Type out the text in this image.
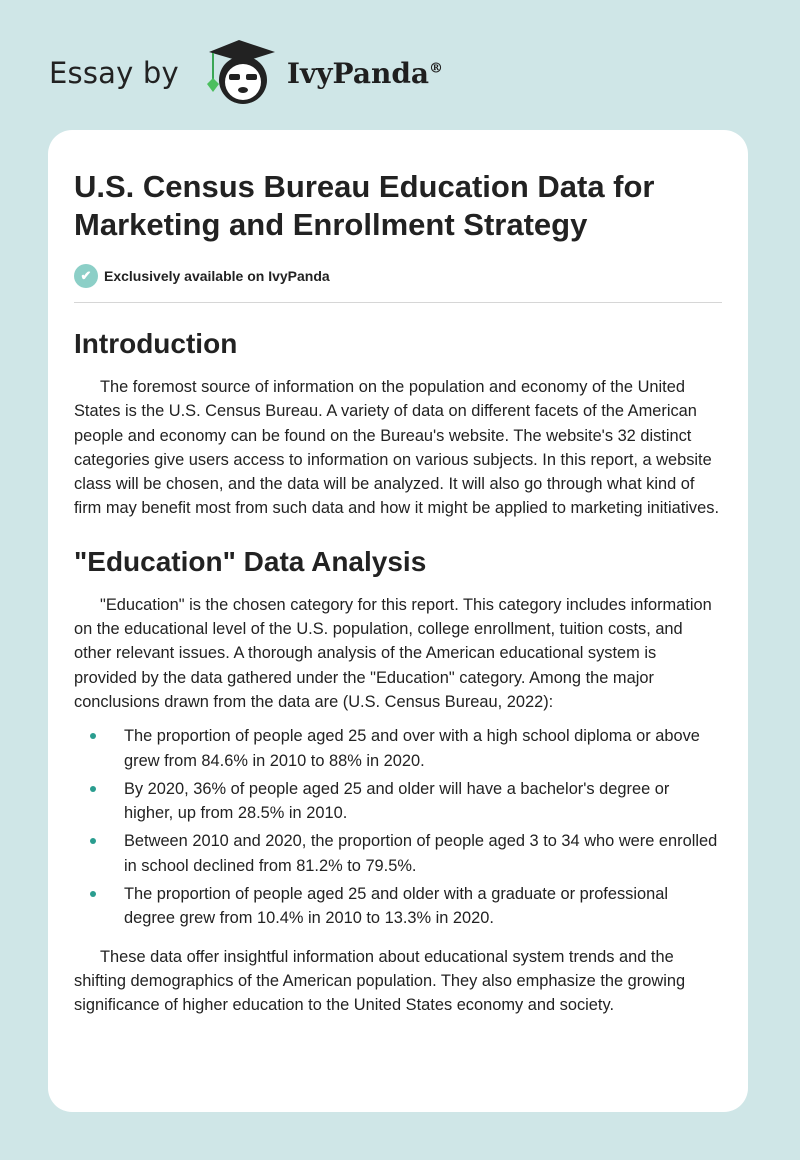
Essay by	IvyPanda®
U.S. Census Bureau Education Data for Marketing and Enrollment Strategy
✔ Exclusively available on IvyPanda
Introduction

The foremost source of information on the population and economy of the United States is the U.S. Census Bureau. A variety of data on different facets of the American people and economy can be found on the Bureau's website. The website's 32 distinct categories give users access to information on various subjects. In this report, a website class will be chosen, and the data will be analyzed. It will also go through what kind of firm may benefit most from such data and how it might be applied to marketing initiatives.

"Education" Data Analysis

"Education" is the chosen category for this report. This category includes information on the educational level of the U.S. population, college enrollment, tuition costs, and other relevant issues. A thorough analysis of the American educational system is provided by the data gathered under the "Education" category. Among the major conclusions drawn from the data are (U.S. Census Bureau, 2022):

The proportion of people aged 25 and over with a high school diploma or above grew from 84.6% in 2010 to 88% in 2020.
By 2020, 36% of people aged 25 and older will have a bachelor's degree or higher, up from 28.5% in 2010.
Between 2010 and 2020, the proportion of people aged 3 to 34 who were enrolled in school declined from 81.2% to 79.5%.
The proportion of people aged 25 and older with a graduate or professional degree grew from 10.4% in 2010 to 13.3% in 2020.

These data offer insightful information about educational system trends and the shifting demographics of the American population. They also emphasize the growing significance of higher education to the United States economy and society.
